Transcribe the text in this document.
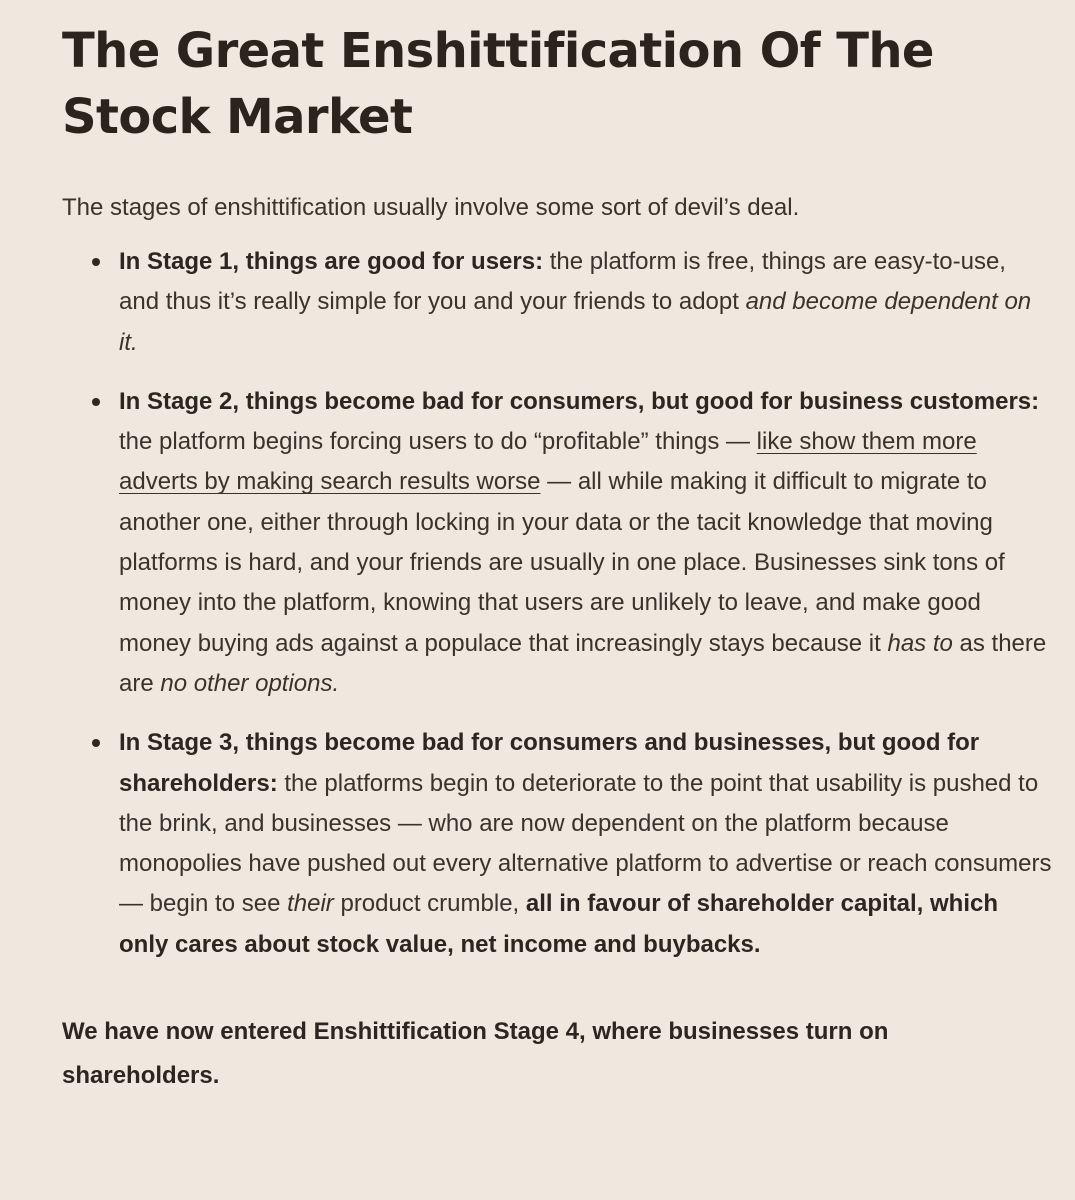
The Great Enshittification Of The Stock Market

The stages of enshittification usually involve some sort of devil’s deal.

In Stage 1, things are good for users: the platform is free, things are easy-to-use, and thus it’s really simple for you and your friends to adopt and become dependent on it.
In Stage 2, things become bad for consumers, but good for business customers: the platform begins forcing users to do “profitable” things — like show them more adverts by making search results worse — all while making it difficult to migrate to another one, either through locking in your data or the tacit knowledge that moving platforms is hard, and your friends are usually in one place. Businesses sink tons of money into the platform, knowing that users are unlikely to leave, and make good money buying ads against a populace that increasingly stays because it has to as there are no other options.
In Stage 3, things become bad for consumers and businesses, but good for shareholders: the platforms begin to deteriorate to the point that usability is pushed to the brink, and businesses — who are now dependent on the platform because monopolies have pushed out every alternative platform to advertise or reach consumers — begin to see their product crumble, all in favour of shareholder capital, which only cares about stock value, net income and buybacks.

We have now entered Enshittification Stage 4, where businesses turn on shareholders.
